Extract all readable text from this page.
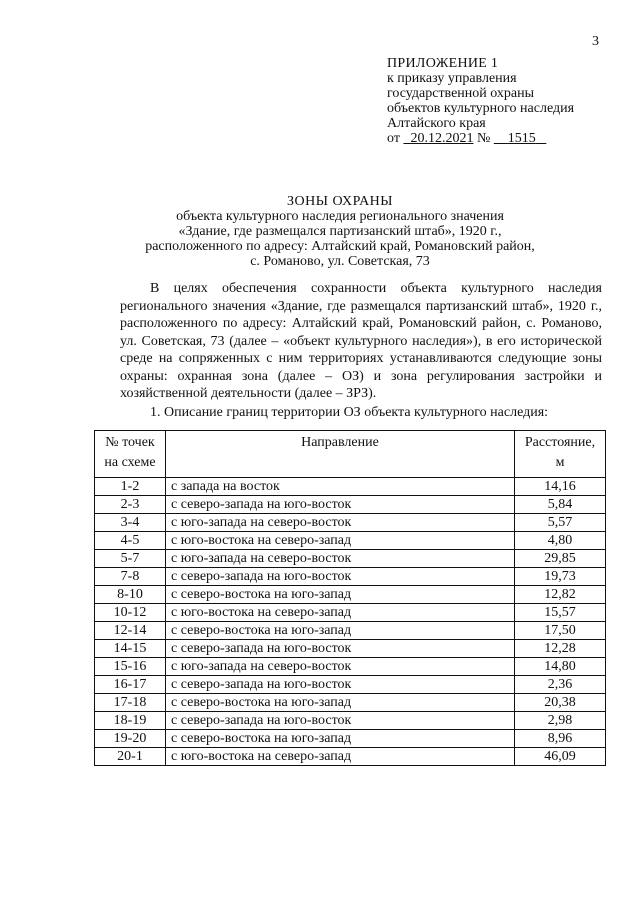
3
ПРИЛОЖЕНИЕ 1
к приказу управления
государственной охраны
объектов культурного наследия
Алтайского края
от 20.12.2021 № 1515
ЗОНЫ ОХРАНЫ
объекта культурного наследия регионального значения
«Здание, где размещался партизанский штаб», 1920 г.,
расположенного по адресу: Алтайский край, Романовский район,
с. Романово, ул. Советская, 73

В целях обеспечения сохранности объекта культурного наследия регионального значения «Здание, где размещался партизанский штаб», 1920 г., расположенного по адресу: Алтайский край, Романовский район, с. Романово, ул. Советская, 73 (далее – «объект культурного наследия»), в его исторической среде на сопряженных с ним территориях устанавливаются следующие зоны охраны: охранная зона (далее – ОЗ) и зона регулирования застройки и хозяйственной деятельности (далее – ЗРЗ).

1. Описание границ территории ОЗ объекта культурного наследия:

№ точек на схеме	Направление	Расстояние, м
1-2	с запада на восток	14,16
2-3	с северо-запада на юго-восток	5,84
3-4	с юго-запада на северо-восток	5,57
4-5	с юго-востока на северо-запад	4,80
5-7	с юго-запада на северо-восток	29,85
7-8	с северо-запада на юго-восток	19,73
8-10	с северо-востока на юго-запад	12,82
10-12	с юго-востока на северо-запад	15,57
12-14	с северо-востока на юго-запад	17,50
14-15	с северо-запада на юго-восток	12,28
15-16	с юго-запада на северо-восток	14,80
16-17	с северо-запада на юго-восток	2,36
17-18	с северо-востока на юго-запад	20,38
18-19	с северо-запада на юго-восток	2,98
19-20	с северо-востока на юго-запад	8,96
20-1	с юго-востока на северо-запад	46,09
